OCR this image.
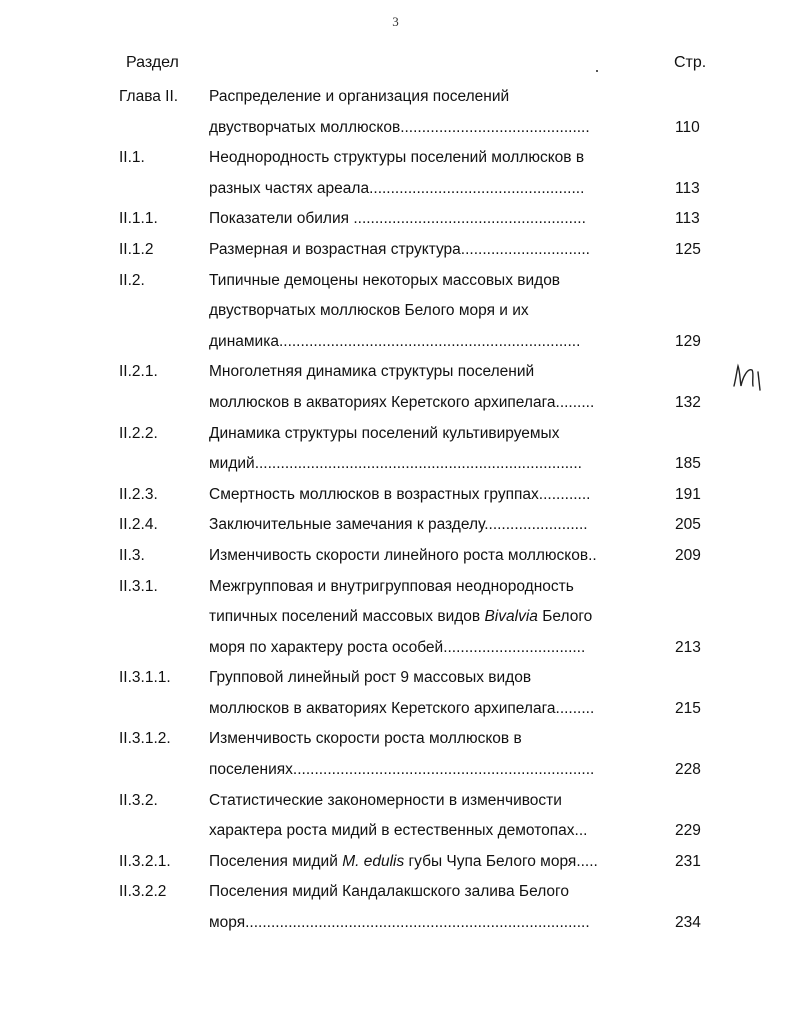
3
Раздел	Стр.
Глава II. Распределение и организация поселений
двустворчатых моллюсков............................................	110
II.1.	Неоднородность структуры поселений моллюсков в
разных частях ареала..................................................	113
II.1.1.	Показатели обилия ......................................................	113
II.1.2	Размерная и возрастная структура..............................	125
II.2.	Типичные демоцены некоторых массовых видов
двустворчатых моллюсков Белого моря и их
динамика......................................................................	129
II.2.1.	Многолетняя динамика структуры поселений
моллюсков в акваториях Керетского архипелага.........	132
II.2.2.	Динамика структуры поселений культивируемых
мидий............................................................................	185
II.2.3.	Смертность моллюсков в возрастных группах............	191
II.2.4.	Заключительные замечания к разделу........................	205
II.3.	Изменчивость скорости линейного роста моллюсков..	209
II.3.1.	Межгрупповая и внутригрупповая неоднородность
типичных поселений массовых видов Bivalvia Белого
моря по характеру роста особей.................................	213
II.3.1.1. Групповой линейный рост 9 массовых видов
моллюсков в акваториях Керетского архипелага.........	215
II.3.1.2. Изменчивость скорости роста моллюсков в
поселениях......................................................................	228
II.3.2.	Статистические закономерности в изменчивости
характера роста мидий в естественных демотопах...	229
II.3.2.1. Поселения мидий M. edulis губы Чупа Белого моря.....	231
II.3.2.2	Поселения мидий Кандалакшского залива Белого
моря................................................................................	234
